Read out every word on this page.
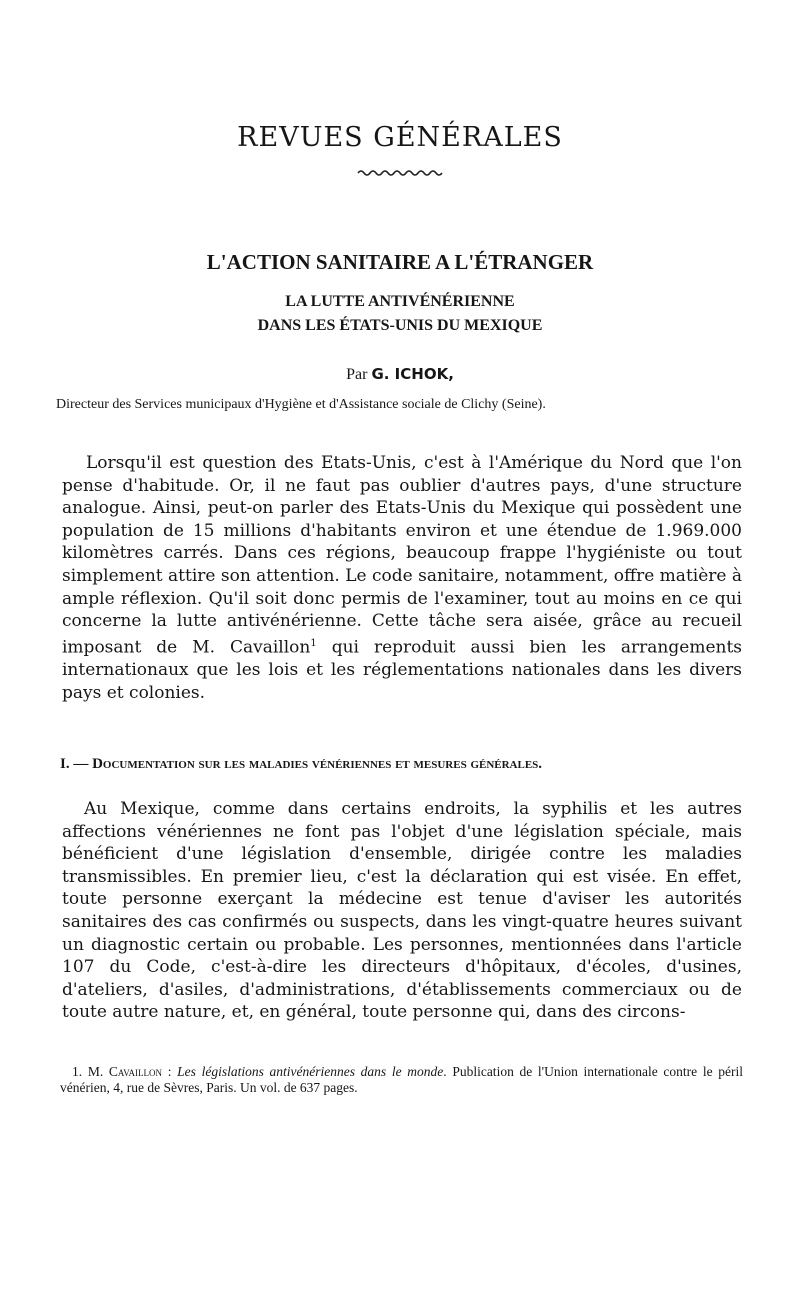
REVUES GÉNÉRALES
L'ACTION SANITAIRE A L'ÉTRANGER

LA LUTTE ANTIVÉNÉRIENNE

DANS LES ÉTATS-UNIS DU MEXIQUE

Par G. ICHOK,

Directeur des Services municipaux d'Hygiène et d'Assistance sociale de Clichy (Seine).

Lorsqu'il est question des Etats-Unis, c'est à l'Amérique du Nord que l'on pense d'habitude. Or, il ne faut pas oublier d'autres pays, d'une structure analogue. Ainsi, peut-on parler des Etats-Unis du Mexique qui possèdent une population de 15 millions d'habitants environ et une étendue de 1.969.000 kilomètres carrés. Dans ces régions, beaucoup frappe l'hygiéniste ou tout simplement attire son attention. Le code sanitaire, notamment, offre matière à ample réflexion. Qu'il soit donc permis de l'examiner, tout au moins en ce qui concerne la lutte antivénérienne. Cette tâche sera aisée, grâce au recueil imposant de M. Cavaillon$^1$ qui reproduit aussi bien les arrangements internationaux que les lois et les réglementations nationales dans les divers pays et colonies.

I. — Documentation sur les maladies vénériennes et mesures générales.

Au Mexique, comme dans certains endroits, la syphilis et les autres affections vénériennes ne font pas l'objet d'une législation spéciale, mais bénéficient d'une législation d'ensemble, dirigée contre les maladies transmissibles. En premier lieu, c'est la déclaration qui est visée. En effet, toute personne exerçant la médecine est tenue d'aviser les autorités sanitaires des cas confirmés ou suspects, dans les vingt-quatre heures suivant un diagnostic certain ou probable. Les personnes, mentionnées dans l'article 107 du Code, c'est-à-dire les directeurs d'hôpitaux, d'écoles, d'usines, d'ateliers, d'asiles, d'administrations, d'établissements commerciaux ou de toute autre nature, et, en général, toute personne qui, dans des circons-

1. M. Cavaillon : Les législations antivénériennes dans le monde. Publication de l'Union internationale contre le péril vénérien, 4, rue de Sèvres, Paris. Un vol. de 637 pages.
